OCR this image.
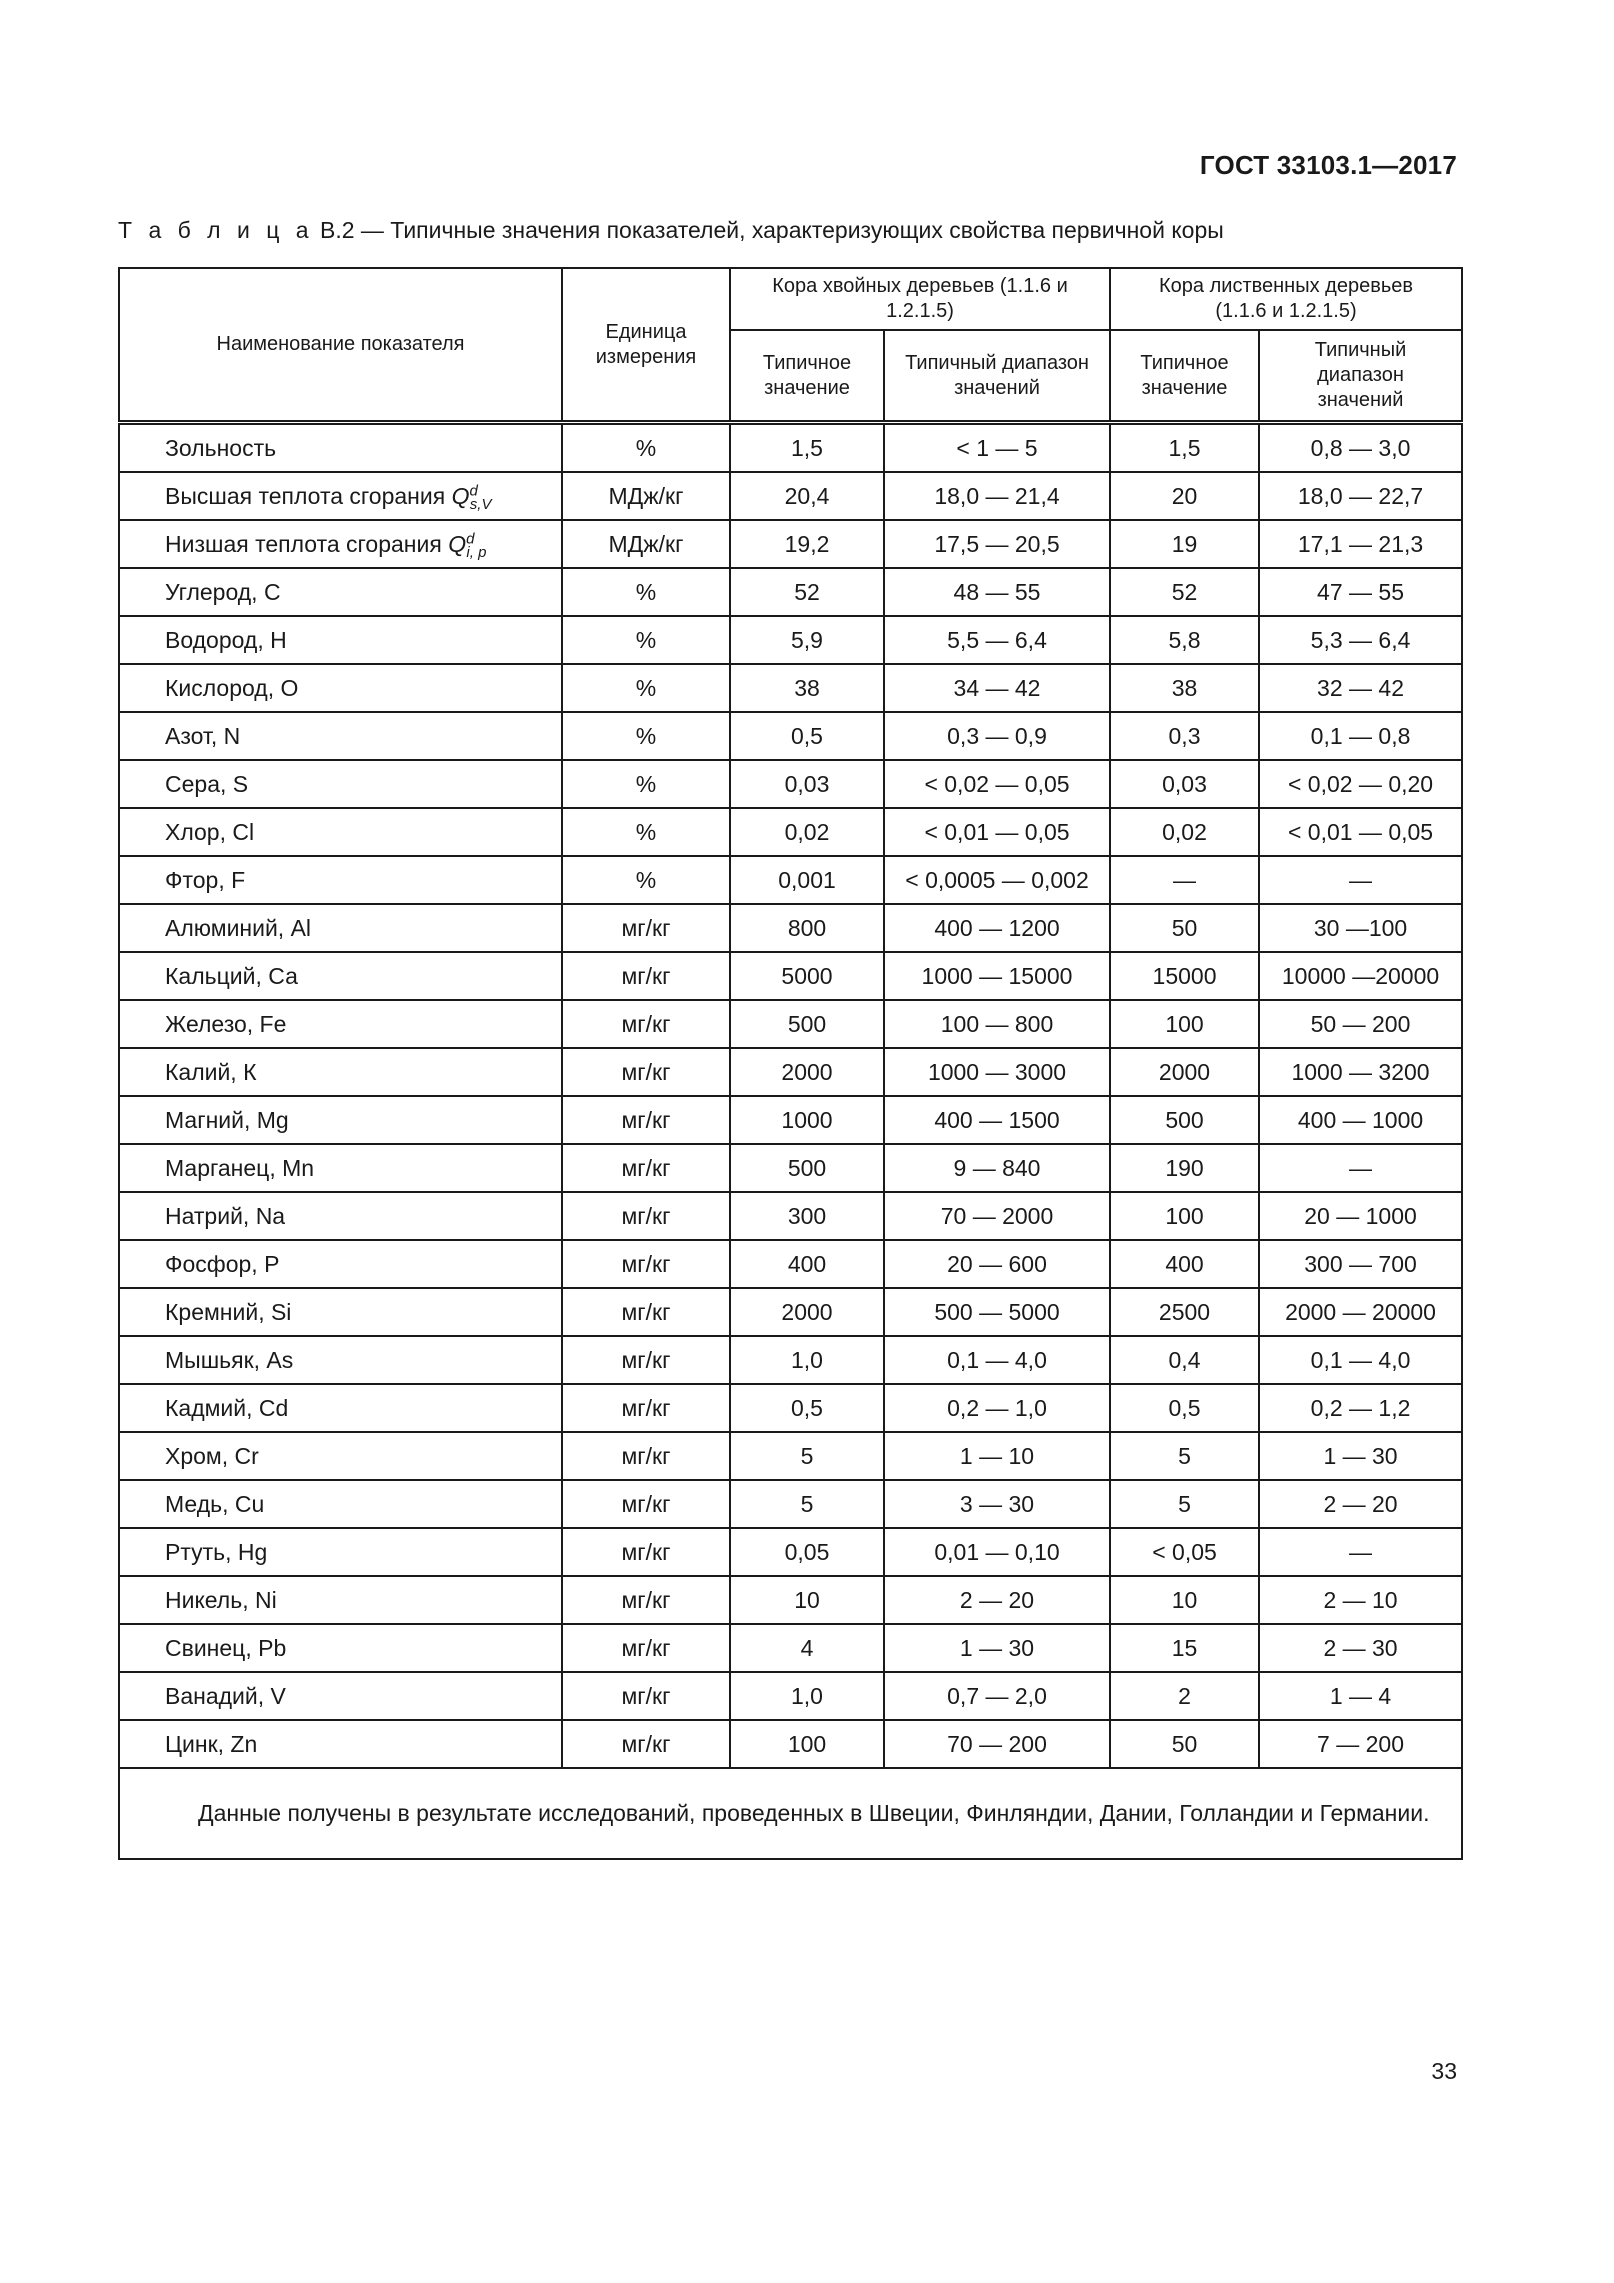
ГОСТ 33103.1—2017
Т а б л и ц а В.2 — Типичные значения показателей, характеризующих свойства первичной коры
Наименование показателя	Единица измерения	Кора хвойных деревьев (1.1.6 и 1.2.1.5)		Кора лиственных деревьев (1.1.6 и 1.2.1.5)	
		Типичное значение	Типичный диапазон значений	Типичное значение	Типичный диапазон значений
Зольность	%	1,5	< 1 — 5	1,5	0,8 — 3,0
Высшая теплота сгорания $Q^d_{s,V}$	МДж/кг	20,4	18,0 — 21,4	20	18,0 — 22,7
Низшая теплота сгорания $Q^d_{i, p}$	МДж/кг	19,2	17,5 — 20,5	19	17,1 — 21,3
Углерод, С	%	52	48 — 55	52	47 — 55
Водород, Н	%	5,9	5,5 — 6,4	5,8	5,3 — 6,4
Кислород, О	%	38	34 — 42	38	32 — 42
Азот, N	%	0,5	0,3 — 0,9	0,3	0,1 — 0,8
Сера, S	%	0,03	< 0,02 — 0,05	0,03	< 0,02 — 0,20
Хлор, Cl	%	0,02	< 0,01 — 0,05	0,02	< 0,01 — 0,05
Фтор, F	%	0,001	< 0,0005 — 0,002	—	—
Алюминий, Al	мг/кг	800	400 — 1200	50	30 —100
Кальций, Са	мг/кг	5000	1000 — 15000	15000	10000 —20000
Железо, Fe	мг/кг	500	100 — 800	100	50 — 200
Калий, К	мг/кг	2000	1000 — 3000	2000	1000 — 3200
Магний, Mg	мг/кг	1000	400 — 1500	500	400 — 1000
Марганец, Mn	мг/кг	500	9 — 840	190	—
Натрий, Na	мг/кг	300	70 — 2000	100	20 — 1000
Фосфор, Р	мг/кг	400	20 — 600	400	300 — 700
Кремний, Si	мг/кг	2000	500 — 5000	2500	2000 — 20000
Мышьяк, As	мг/кг	1,0	0,1 — 4,0	0,4	0,1 — 4,0
Кадмий, Cd	мг/кг	0,5	0,2 — 1,0	0,5	0,2 — 1,2
Хром, Cr	мг/кг	5	1 — 10	5	1 — 30
Медь, Cu	мг/кг	5	3 — 30	5	2 — 20
Ртуть, Hg	мг/кг	0,05	0,01 — 0,10	< 0,05	—
Никель, Ni	мг/кг	10	2 — 20	10	2 — 10
Свинец, Pb	мг/кг	4	1 — 30	15	2 — 30
Ванадий, V	мг/кг	1,0	0,7 — 2,0	2	1 — 4
Цинк, Zn	мг/кг	100	70 — 200	50	7 — 200
Данные получены в результате исследований, проведенных в Швеции, Финляндии, Дании, Голландии и Германии.					
33
